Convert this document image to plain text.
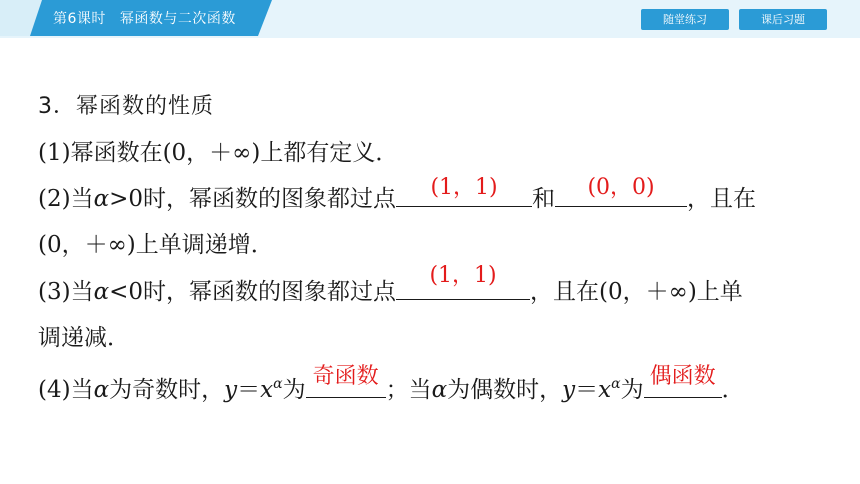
第6课时 幂函数与二次函数	随堂练习	课后习题
3．幂函数的性质
(1)幂函数在(0，＋∞)上都有定义．
(2)当α>0时，幂函数的图象都过点	(1，1)	和	(0，0)	，且在
(0，＋∞)上单调递增．
(3)当α<0时，幂函数的图象都过点
(1，1)
，且在(0，＋∞)上单
调递减．
(4)当α为奇数时，$y=x^\alpha$为
奇函数
；当α为偶数时，$y=x^\alpha$为
偶函数
．
